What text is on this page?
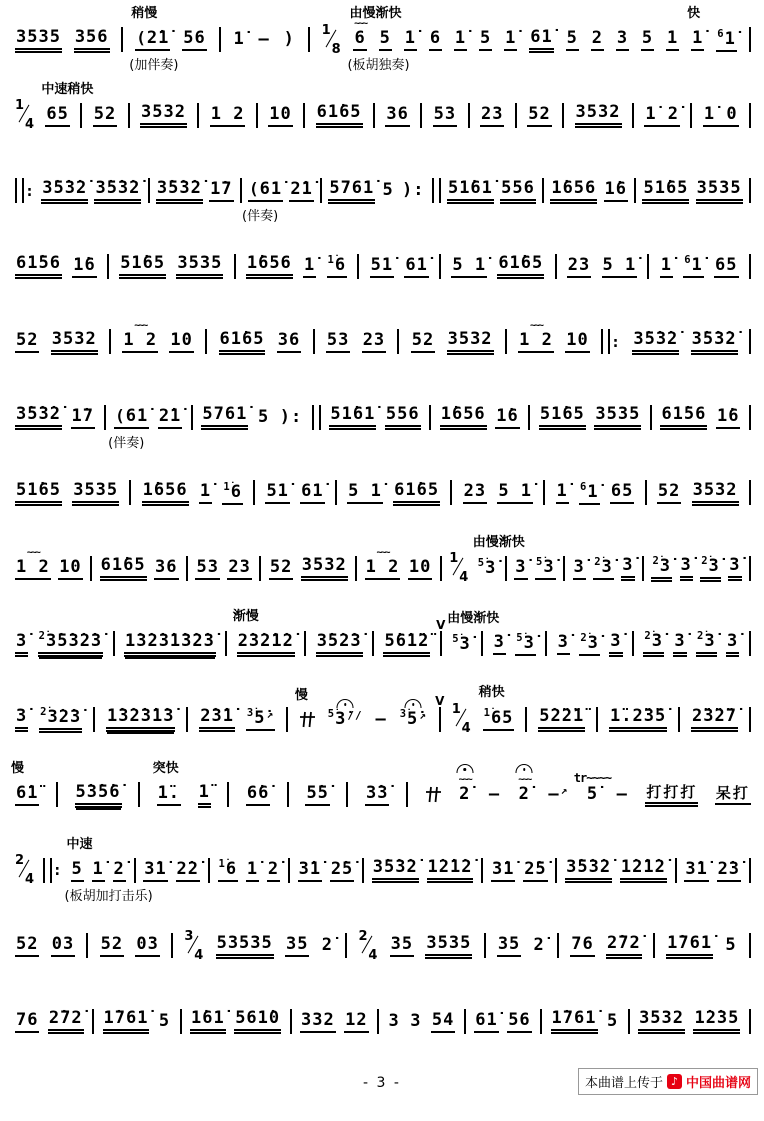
3535 356 (2̇1̇
稍慢
(加伴奏)
56 1̇ — ) 1
8
6
由慢渐快
(板胡独奏)
~~~
5 1̇ 6 1̇ 5 1̇ 61̇ 5 2 3 5 1 1̇
快
$^6$1̇
1
4
65
中速稍快
52 3532 1 2 10 61̇65 36 53 23 52 3532 1̇ 2̇ 1̇ 0
: 3̇5̇3̇2̇ 3̇5̇3̇2̇ 3̇5̇3̇2̇ 1̇7 (61̇
(伴奏)
2̇1̇ 5761̇ 5 ): 51̇61̇ 556 1̇656 1̇6 51̇65 3535
61̇56 1̇6 51̇65 3535 1̇656 1̇ $^{1̇}$6 51̇ 61̇ 5 1̇ 61̇65 23 5 1̇ 1̇ $^6$1̇ 65
52 3532 1 2
~~~
10 61̇65 36 53 23 52 3532 1 2
~~~
10 : 3̇5̇3̇2̇ 3̇5̇3̇2̇
3̇5̇3̇2̇ 1̇7 (61̇
(伴奏)
2̇1̇ 5761̇ 5 ): 51̇61̇ 556 1̇656 1̇6 51̇65 3535 61̇56 1̇6
51̇65 3535 1̇656 1̇ $^{1̇}$6 51̇ 61̇ 5 1̇ 61̇65 23 5 1̇ 1̇ $^6$1̇ 65 52 3532
1 2
~~~
10 61̇65 36 53 23 52 3532 1 2
~~~
10 1
4
$^{5̇}$3̇
由慢渐快
3̇ $^{5̇}$3̇ 3̇ $^{2̇}$3̇ 3̇ $^{2̇}$3̇ 3̇ $^{2̇}$3̇ 3̇
3̇ $^{2̇}$3̇5̇3̇2̇3̇ 1̇3̇2̇3̇1̇3̇2̇3̇ 2̇3̇2̇1̇2̇
渐慢
3̇5̇2̇3̇ 5̇6̇1̈2̈
V
$^{5̇}$3̇
由慢渐快
3̇ $^{5̇}$3̇ 3̇ $^{2̇}$3̇ 3̇ $^{2̇}$3̇ 3̇ $^{2̇}$3̇ 3̇
3̇ $^{2̇}$3̇2̇3̇ 1̇3̇2̇3̇1̇3̇ 2̇3̇1̇ $^{3̇}$5̇↗
慢
$^{5̇}$3̇// — $^{3̇}$5̇↗
V
1
4
$^{1̇}$65
稍快
5̇2̈2̈1̈ 1̈.2̈3̈5̇ 2̈3̈2̈7̇
6̇1̈
慢
5̇3̇5̇6̇ 1̈.
突快
1̈ 6̇6̇ 5̇5̇ 3̇3̇	2̇
~~~
— 2̇
~~~
—↗ 5̇
tr~~~~
— 打打打 呆打
2
4
: 5
中速
(板胡加打击乐)
1̇ 2̇ 3̇1̇ 2̇2̇ $^{1̇}$6 1̇ 2̇ 3̇1̇ 2̇5̇ 3̇5̇3̇2̇ 1̇2̇1̇2̇ 3̇1̇ 2̇5̇ 3̇5̇3̇2̇ 1̇2̇1̇2̇ 3̇1̇ 2̇3̇
52 03 52 03 3
4
53535 35 2̇ 2
4
35 3535 35 2̇ 76 2̇72̇ 1̇761̇ 5
76 2̇72̇ 1̇761̇ 5 1̇61̇ 561̇0 332 12 3 3 54 61̇ 56 1̇761̇ 5 3532 1̇2̇35
- 3 -	本曲谱上传于 ♪ 中国曲谱网
